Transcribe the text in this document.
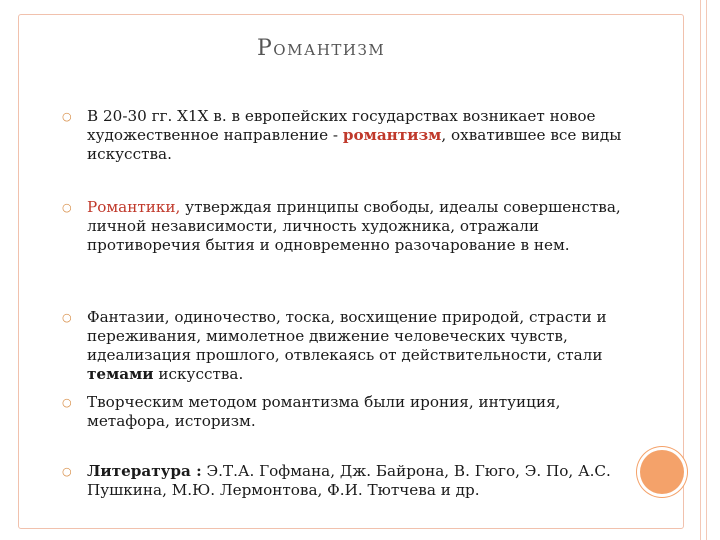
Романтизм
○ В 20-30 гг. Х1Х в. в европейских государствах возникает новое художественное направление - романтизм, охватившее все виды искусства.
○ Романтики, утверждая принципы свободы, идеалы совершенства, личной независимости, личность художника, отражали противоречия бытия и одновременно разочарование в нем.
○ Фантазии, одиночество, тоска, восхищение природой, страсти и переживания, мимолетное движение человеческих чувств, идеализация прошлого, отвлекаясь от действительности, стали темами искусства.
○ Творческим методом романтизма были ирония, интуиция, метафора, историзм.
○ Литература : Э.Т.А. Гофмана, Дж. Байрона, В. Гюго, Э. По, А.С. Пушкина, М.Ю. Лермонтова, Ф.И. Тютчева и др.
